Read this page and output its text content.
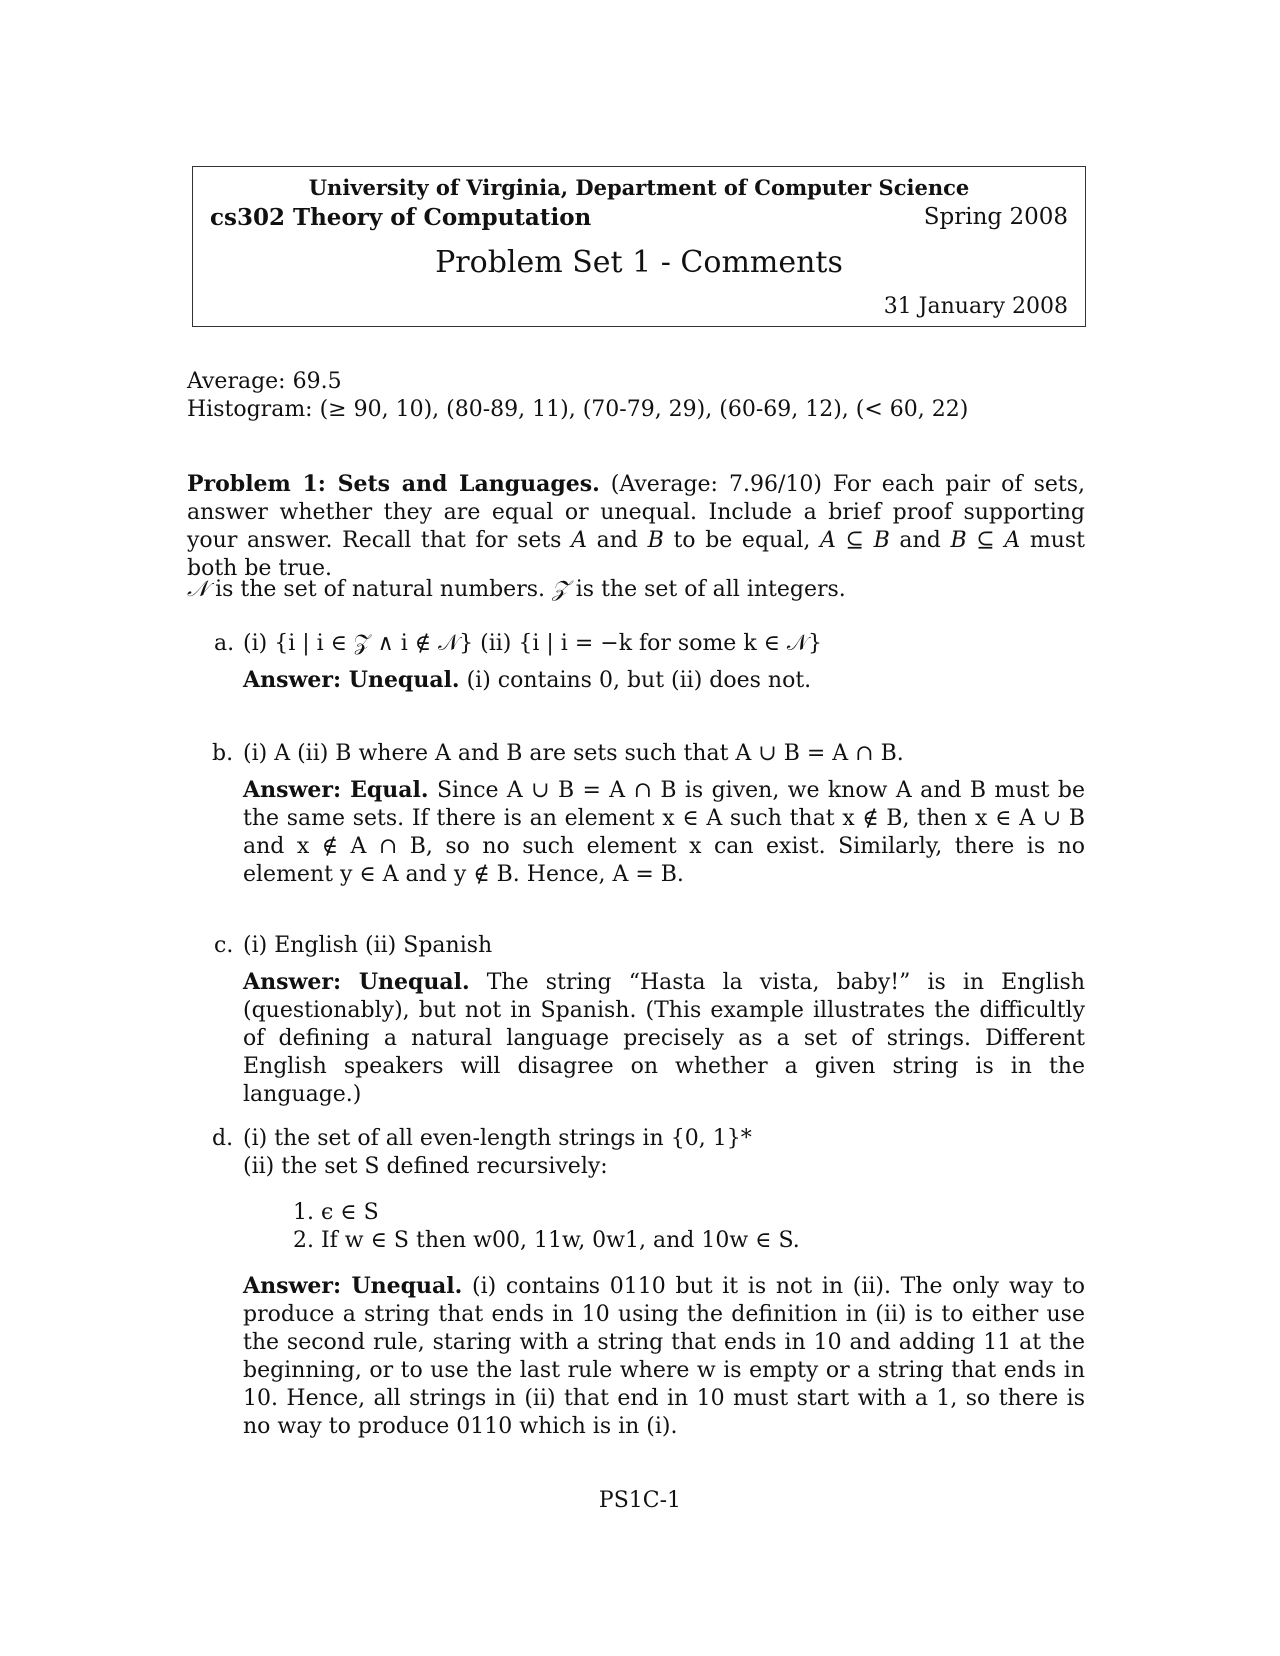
University of Virginia, Department of Computer Science
cs302 Theory of Computation	Spring 2008
Problem Set 1 - Comments
31 January 2008
Average: 69.5
Histogram: (≥ 90, 10), (80-89, 11), (70-79, 29), (60-69, 12), (< 60, 22)
Problem 1: Sets and Languages. (Average: 7.96/10) For each pair of sets, answer whether they are equal or unequal. Include a brief proof supporting your answer. Recall that for sets A and B to be equal, A ⊆ B and B ⊆ A must both be true.
𝒩 is the set of natural numbers. 𝒵 is the set of all integers.
a. (i) {i | i ∈ 𝒵 ∧ i ∉ 𝒩} (ii) {i | i = −k for some k ∈ 𝒩}
Answer: Unequal. (i) contains 0, but (ii) does not.
b. (i) A (ii) B where A and B are sets such that A ∪ B = A ∩ B.
Answer: Equal. Since A ∪ B = A ∩ B is given, we know A and B must be the same sets. If there is an element x ∈ A such that x ∉ B, then x ∈ A ∪ B and x ∉ A ∩ B, so no such element x can exist. Similarly, there is no element y ∈ A and y ∉ B. Hence, A = B.
c. (i) English (ii) Spanish
Answer: Unequal. The string “Hasta la vista, baby!” is in English (questionably), but not in Spanish. (This example illustrates the difficultly of defining a natural language precisely as a set of strings. Different English speakers will disagree on whether a given string is in the language.)
d. (i) the set of all even-length strings in {0, 1}*
(ii) the set S defined recursively:
1. ϵ ∈ S
2. If w ∈ S then w00, 11w, 0w1, and 10w ∈ S.
Answer: Unequal. (i) contains 0110 but it is not in (ii). The only way to produce a string that ends in 10 using the definition in (ii) is to either use the second rule, staring with a string that ends in 10 and adding 11 at the beginning, or to use the last rule where w is empty or a string that ends in 10. Hence, all strings in (ii) that end in 10 must start with a 1, so there is no way to produce 0110 which is in (i).
PS1C-1
